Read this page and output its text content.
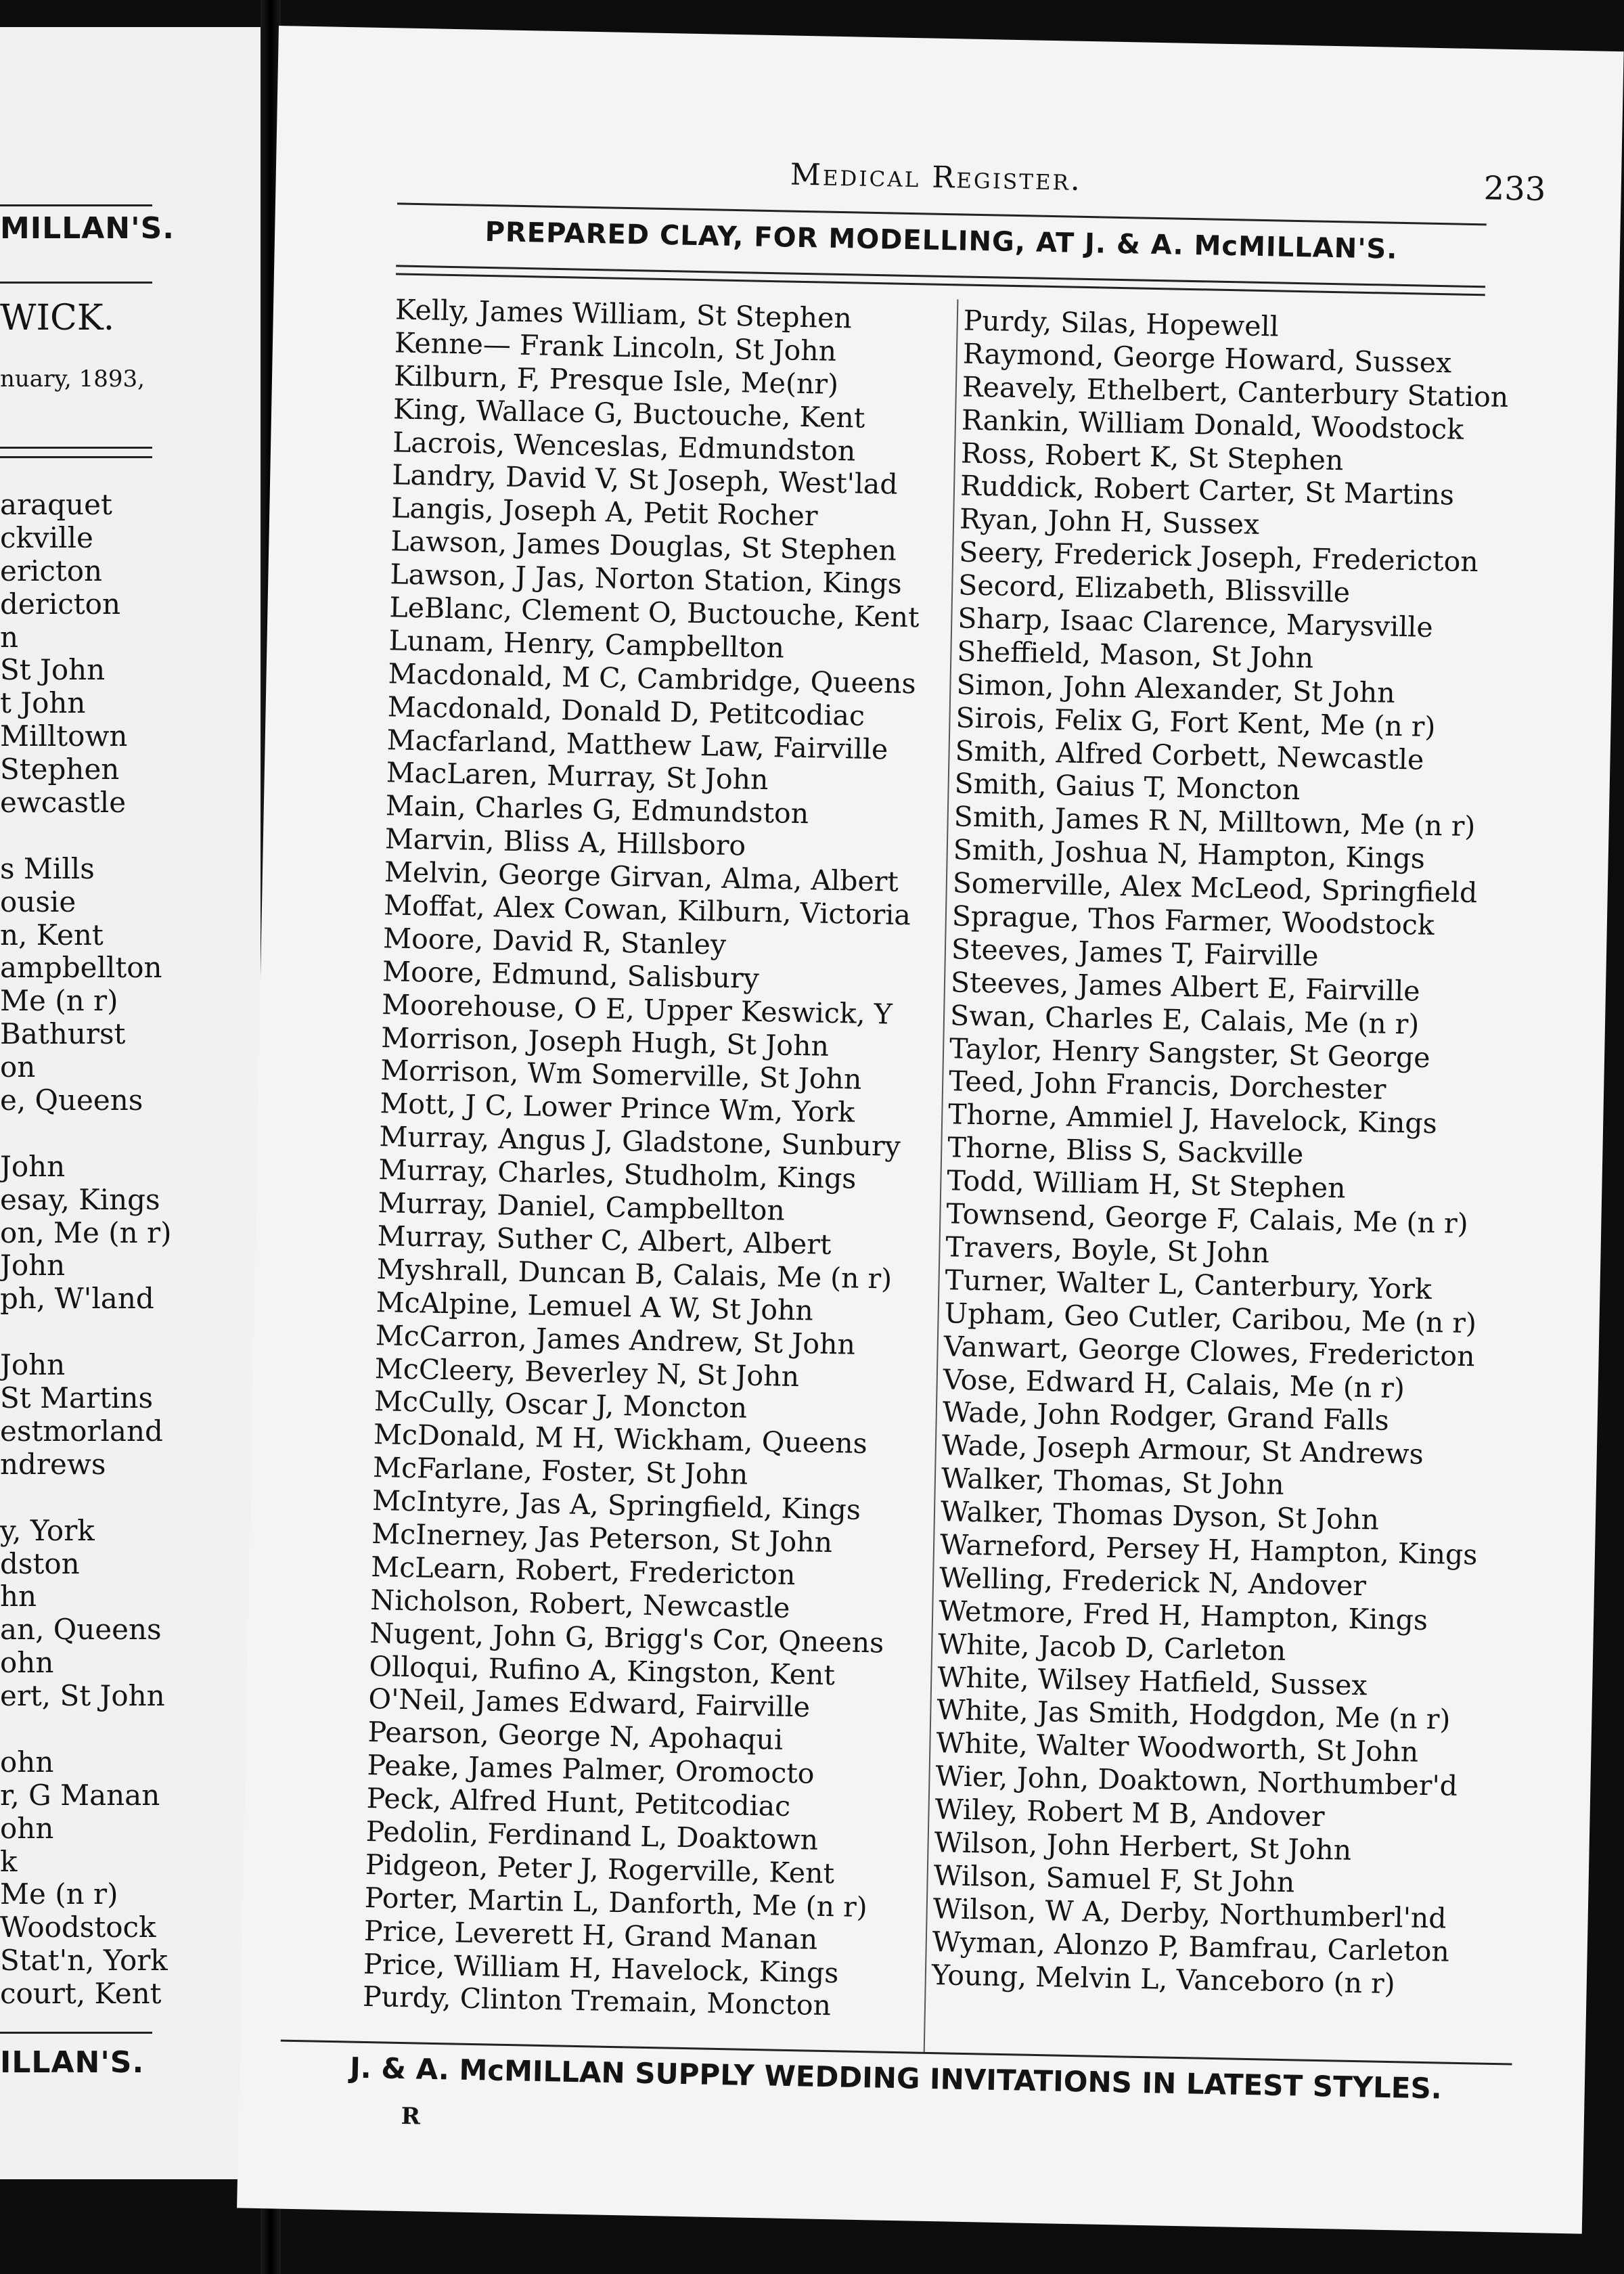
MILLAN'S.
WICK.
nuary, 1893,
araquet
ckville
ericton
dericton
n
St John
t John
Milltown
Stephen
ewcastle
s Mills
ousie
n, Kent
ampbellton
Me (n r)
Bathurst
on
e, Queens
John
esay, Kings
on, Me (n r)
John
ph, W'land
John
St Martins
estmorland
ndrews
y, York
dston
hn
an, Queens
ohn
ert, St John
ohn
r, G Manan
ohn
k
Me (n r)
Woodstock
Stat'n, York
court, Kent
ILLAN'S.
Medical Register.	233
PREPARED CLAY, FOR MODELLING, AT J. & A. McMILLAN'S.
Kelly, James William, St Stephen
Kenne— Frank Lincoln, St John
Kilburn, F, Presque Isle, Me(nr)
King, Wallace G, Buctouche, Kent
Lacrois, Wenceslas, Edmundston
Landry, David V, St Joseph, West'lad
Langis, Joseph A, Petit Rocher
Lawson, James Douglas, St Stephen
Lawson, J Jas, Norton Station, Kings
LeBlanc, Clement O, Buctouche, Kent
Lunam, Henry, Campbellton
Macdonald, M C, Cambridge, Queens
Macdonald, Donald D, Petitcodiac
Macfarland, Matthew Law, Fairville
MacLaren, Murray, St John
Main, Charles G, Edmundston
Marvin, Bliss A, Hillsboro
Melvin, George Girvan, Alma, Albert
Moffat, Alex Cowan, Kilburn, Victoria
Moore, David R, Stanley
Moore, Edmund, Salisbury
Moorehouse, O E, Upper Keswick, Y
Morrison, Joseph Hugh, St John
Morrison, Wm Somerville, St John
Mott, J C, Lower Prince Wm, York
Murray, Angus J, Gladstone, Sunbury
Murray, Charles, Studholm, Kings
Murray, Daniel, Campbellton
Murray, Suther C, Albert, Albert
Myshrall, Duncan B, Calais, Me (n r)
McAlpine, Lemuel A W, St John
McCarron, James Andrew, St John
McCleery, Beverley N, St John
McCully, Oscar J, Moncton
McDonald, M H, Wickham, Queens
McFarlane, Foster, St John
McIntyre, Jas A, Springfield, Kings
McInerney, Jas Peterson, St John
McLearn, Robert, Fredericton
Nicholson, Robert, Newcastle
Nugent, John G, Brigg's Cor, Qneens
Olloqui, Rufino A, Kingston, Kent
O'Neil, James Edward, Fairville
Pearson, George N, Apohaqui
Peake, James Palmer, Oromocto
Peck, Alfred Hunt, Petitcodiac
Pedolin, Ferdinand L, Doaktown
Pidgeon, Peter J, Rogerville, Kent
Porter, Martin L, Danforth, Me (n r)
Price, Leverett H, Grand Manan
Price, William H, Havelock, Kings
Purdy, Clinton Tremain, Moncton
Purdy, Silas, Hopewell
Raymond, George Howard, Sussex
Reavely, Ethelbert, Canterbury Station
Rankin, William Donald, Woodstock
Ross, Robert K, St Stephen
Ruddick, Robert Carter, St Martins
Ryan, John H, Sussex
Seery, Frederick Joseph, Fredericton
Secord, Elizabeth, Blissville
Sharp, Isaac Clarence, Marysville
Sheffield, Mason, St John
Simon, John Alexander, St John
Sirois, Felix G, Fort Kent, Me (n r)
Smith, Alfred Corbett, Newcastle
Smith, Gaius T, Moncton
Smith, James R N, Milltown, Me (n r)
Smith, Joshua N, Hampton, Kings
Somerville, Alex McLeod, Springfield
Sprague, Thos Farmer, Woodstock
Steeves, James T, Fairville
Steeves, James Albert E, Fairville
Swan, Charles E, Calais, Me (n r)
Taylor, Henry Sangster, St George
Teed, John Francis, Dorchester
Thorne, Ammiel J, Havelock, Kings
Thorne, Bliss S, Sackville
Todd, William H, St Stephen
Townsend, George F, Calais, Me (n r)
Travers, Boyle, St John
Turner, Walter L, Canterbury, York
Upham, Geo Cutler, Caribou, Me (n r)
Vanwart, George Clowes, Fredericton
Vose, Edward H, Calais, Me (n r)
Wade, John Rodger, Grand Falls
Wade, Joseph Armour, St Andrews
Walker, Thomas, St John
Walker, Thomas Dyson, St John
Warneford, Persey H, Hampton, Kings
Welling, Frederick N, Andover
Wetmore, Fred H, Hampton, Kings
White, Jacob D, Carleton
White, Wilsey Hatfield, Sussex
White, Jas Smith, Hodgdon, Me (n r)
White, Walter Woodworth, St John
Wier, John, Doaktown, Northumber'd
Wiley, Robert M B, Andover
Wilson, John Herbert, St John
Wilson, Samuel F, St John
Wilson, W A, Derby, Northumberl'nd
Wyman, Alonzo P, Bamfrau, Carleton
Young, Melvin L, Vanceboro (n r)
J. & A. McMILLAN SUPPLY WEDDING INVITATIONS IN LATEST STYLES.
R
